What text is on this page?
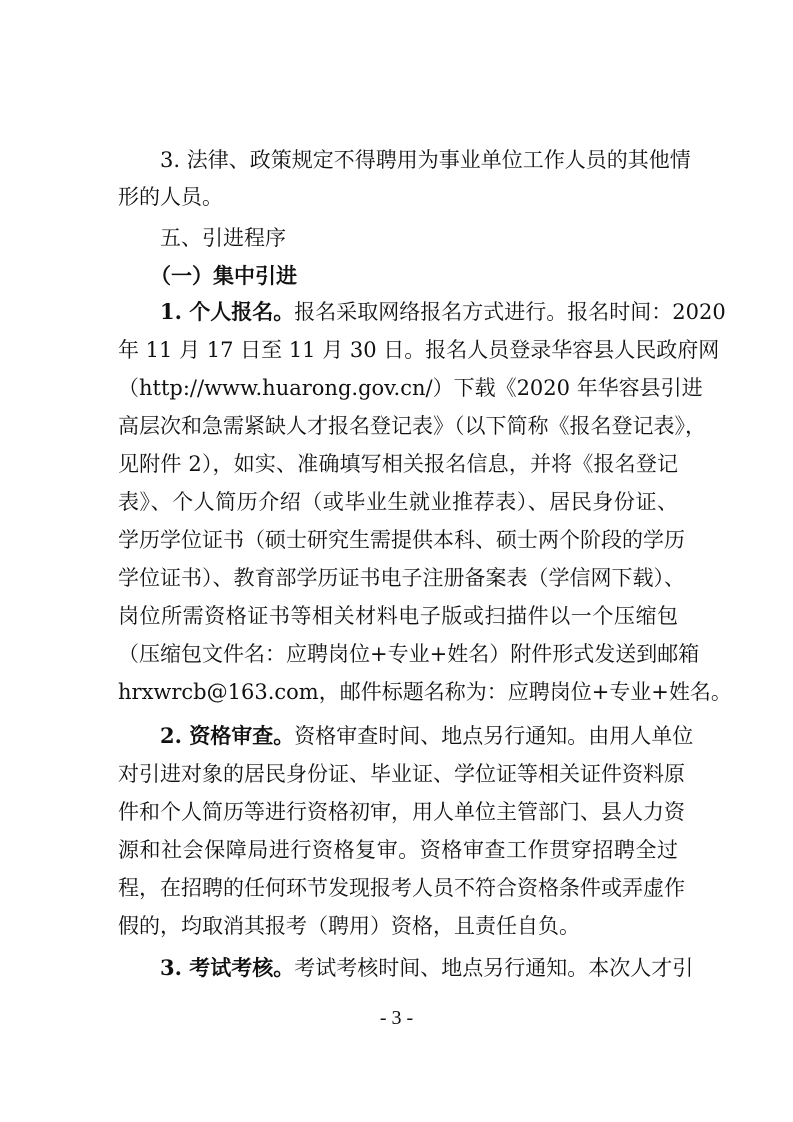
3. 法律、政策规定不得聘用为事业单位工作人员的其他情
形的人员。
五、引进程序
（一）集中引进
1. 个人报名。报名采取网络报名方式进行。报名时间：2020
年 11 月 17 日至 11 月 30 日。报名人员登录华容县人民政府网
（http://www.huarong.gov.cn/）下载《2020 年华容县引进
高层次和急需紧缺人才报名登记表》（以下简称《报名登记表》，
见附件 2），如实、准确填写相关报名信息，并将《报名登记
表》、个人简历介绍（或毕业生就业推荐表）、居民身份证、
学历学位证书（硕士研究生需提供本科、硕士两个阶段的学历
学位证书）、教育部学历证书电子注册备案表（学信网下载）、
岗位所需资格证书等相关材料电子版或扫描件以一个压缩包
（压缩包文件名：应聘岗位+专业+姓名）附件形式发送到邮箱
hrxwrcb@163.com，邮件标题名称为：应聘岗位+专业+姓名。
2. 资格审查。资格审查时间、地点另行通知。由用人单位
对引进对象的居民身份证、毕业证、学位证等相关证件资料原
件和个人简历等进行资格初审，用人单位主管部门、县人力资
源和社会保障局进行资格复审。资格审查工作贯穿招聘全过
程，在招聘的任何环节发现报考人员不符合资格条件或弄虚作
假的，均取消其报考（聘用）资格，且责任自负。
3. 考试考核。考试考核时间、地点另行通知。本次人才引
- 3 -
